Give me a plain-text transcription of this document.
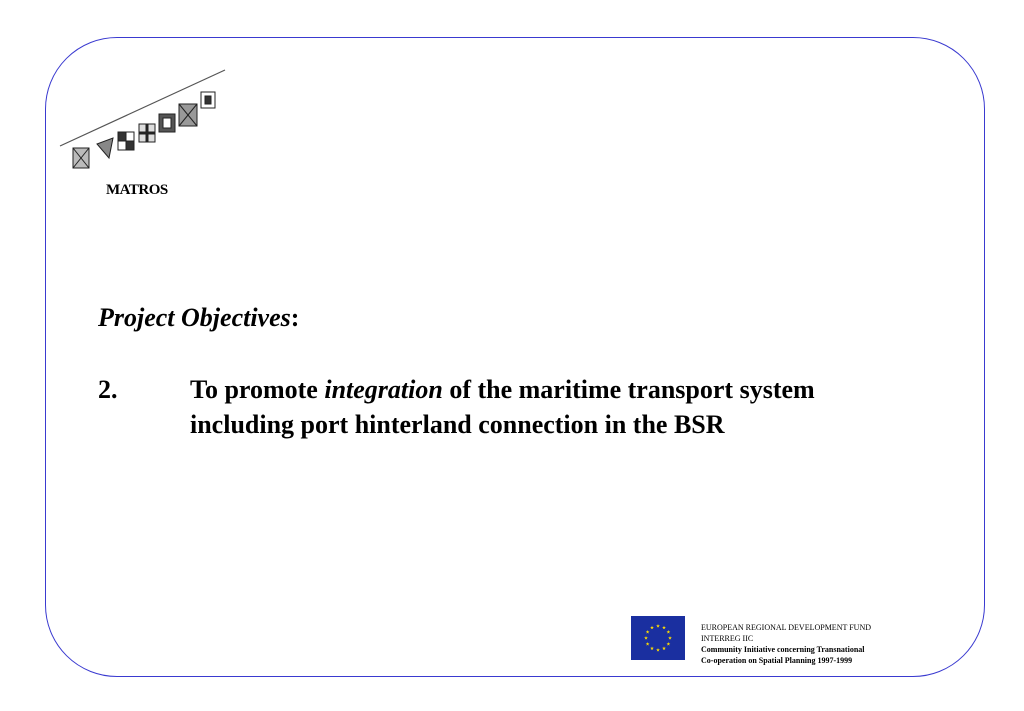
MATROS
Project Objectives:
2.	To promote integration of the maritime transport system including port hinterland connection in the BSR
EUROPEAN REGIONAL DEVELOPMENT FUND
INTERREG IIC
Community Initiative concerning Transnational
Co-operation on Spatial Planning 1997-1999
